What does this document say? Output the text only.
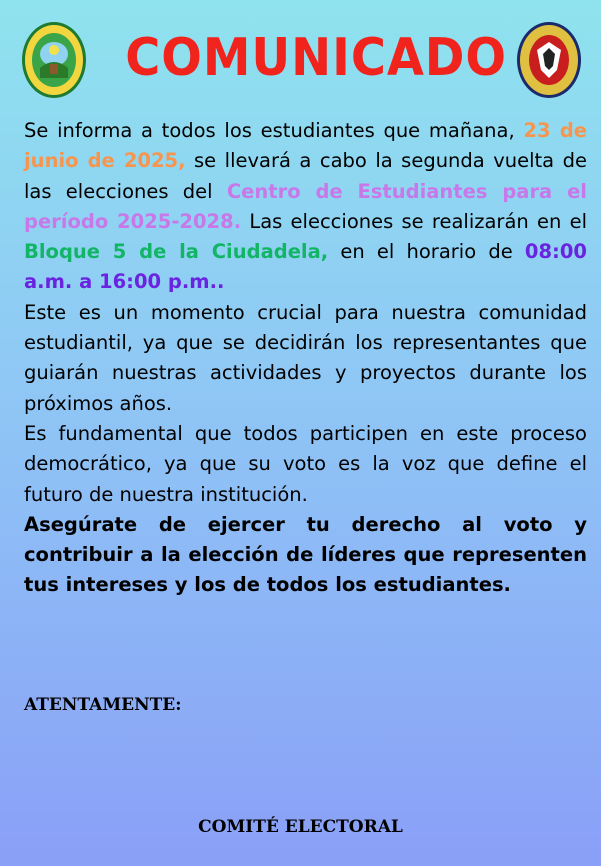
COMUNICADO

Se informa a todos los estudiantes que mañana, 23 de junio de 2025, se llevará a cabo la segunda vuelta de las elecciones del Centro de Estudiantes para el período 2025-2028. Las elecciones se realizarán en el Bloque 5 de la Ciudadela, en el horario de 08:00 a.m. a 16:00 p.m..

Este es un momento crucial para nuestra comunidad estudiantil, ya que se decidirán los representantes que guiarán nuestras actividades y proyectos durante los próximos años.

Es fundamental que todos participen en este proceso democrático, ya que su voto es la voz que define el futuro de nuestra institución.

Asegúrate de ejercer tu derecho al voto y contribuir a la elección de líderes que representen tus intereses y los de todos los estudiantes.

ATENTAMENTE:
COMITÉ ELECTORAL
